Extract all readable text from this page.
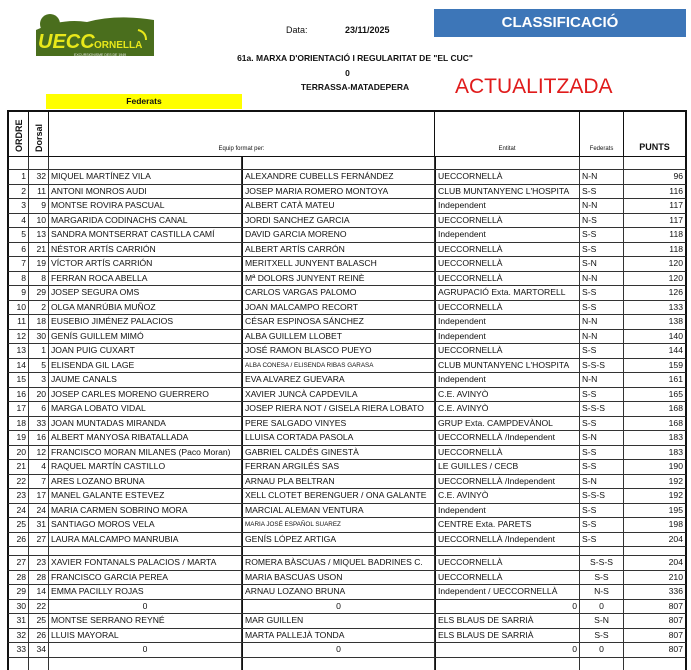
UECC ORNELLA
EXCURSIONISME DES DE 1949
Data:	23/11/2025	CLASSIFICACIÓ
61a. MARXA D'ORIENTACIÓ I REGULARITAT DE "EL CUC"
0
TERRASSA-MATADEPERA	ACTUALITZADA
Federats
ORDRE Dorsal	Equip format per:	Entitat	Federats	PUNTS
1	32 MIQUEL MARTÍNEZ VILA	ALEXANDRE CUBELLS FERNÁNDEZ	UECCORNELLÀ	N-N	96
2	11 ANTONI MONROS AUDI	JOSEP MARIA ROMERO MONTOYA	CLUB MUNTANYENC L'HOSPITA	S-S	116
3	9 MONTSE ROVIRA PASCUAL	ALBERT CATÀ MATEU	Independent	N-N	117
4	10 MARGARIDA CODINACHS CANAL	JORDI SANCHEZ GARCIA	UECCORNELLÀ	N-S	117
5	13 SANDRA MONTSERRAT CASTILLA CAMÍ	DAVID GARCIA MORENO	Independent	S-S	118
6	21 NÉSTOR ARTÍS CARRIÓN	ALBERT ARTÍS CARRÓN	UECCORNELLÀ	S-S	118
7	19 VÍCTOR ARTÍS CARRIÓN	MERITXELL JUNYENT BALASCH	UECCORNELLÀ	S-N	120
8	8 FERRAN ROCA ABELLA	Mª DOLORS JUNYENT REINÈ	UECCORNELLÀ	N-N	120
9	29 JOSEP SEGURA OMS	CARLOS VARGAS PALOMO	AGRUPACIÓ Exta. MARTORELL	S-S	126
10	2 OLGA MANRÚBIA MUÑOZ	JOAN MALCAMPO RECORT	UECCORNELLÀ	S-S	133
11	18 EUSEBIO JIMÉNEZ PALACIOS	CÉSAR ESPINOSA SÁNCHEZ	Independent	N-N	138
12	30 GENÍS GUILLEM MIMÓ	ALBA GUILLEM LLOBET	Independent	N-N	140
13	1 JOAN PUIG CUXART	JOSÉ RAMON BLASCO PUEYO	UECCORNELLÀ	S-S	144
14	5 ELISENDA GIL LAGE	ALBA CONESA / ELISENDA RIBAS GARASA	CLUB MUNTANYENC L'HOSPITA	S-S-S	159
15	3 JAUME CANALS	EVA ALVAREZ GUEVARA	Independent	N-N	161
16	20 JOSEP CARLES MORENO GUERRERO	XAVIER JUNCÀ CAPDEVILA	C.E. AVINYÒ	S-S	165
17	6 MARGA LOBATO VIDAL	JOSEP RIERA NOT / GISELA RIERA LOBATO	C.E. AVINYÒ	S-S-S	168
18	33 JOAN MUNTADAS MIRANDA	PERE SALGADO VINYES	GRUP Exta. CAMPDEVÀNOL	S-S	168
19	16 ALBERT MANYOSA RIBATALLADA	LLUISA CORTADA PASOLA	UECCORNELLÀ /Independent	S-N	183
20	12 FRANCISCO MORAN MILANES (Paco Moran)	GABRIEL CALDÉS GINESTÀ	UECCORNELLÀ	S-S	183
21	4 RAQUEL MARTÍN CASTILLO	FERRAN ARGILÉS SAS	LE GUILLES / CECB	S-S	190
22	7 ARES LOZANO BRUNA	ARNAU PLA BELTRAN	UECCORNELLÀ /Independent	S-N	192
23	17 MANEL GALANTE ESTEVEZ	XELL CLOTET BERENGUER / ONA GALANTE	C.E. AVINYÒ	S-S-S	192
24	24 MARIA CARMEN SOBRINO MORA	MARCIAL ALEMAN VENTURA	Independent	S-S	195
25	31 SANTIAGO MOROS VELA	MARIA JOSÉ ESPAÑOL SUAREZ	CENTRE Exta. PARETS	S-S	198
26	27 LAURA MALCAMPO MANRUBIA	GENÍS LÓPEZ ARTIGA	UECCORNELLÀ /Independent	S-S	204
27	23 XAVIER FONTANALS PALACIOS / MARTA	ROMERA BÀSCUAS / MIQUEL BADRINES C.	UECCORNELLÀ	S-S-S	204
28	28 FRANCISCO GARCIA PEREA	MARIA BASCUAS USON	UECCORNELLÀ	S-S	210
29	14 EMMA PACILLY ROJAS	ARNAU LOZANO BRUNA	Independent / UECCORNELLÀ	N-S	336
30	22	0	0	0	0	807
31	25 MONTSE SERRANO REYNÉ	MAR GUILLEN	ELS BLAUS DE SARRIÀ	S-N	807
32	26 LLUIS MAYORAL	MARTA PALLEJÀ TONDA	ELS BLAUS DE SARRIÀ	S-S	807
33	34	0	0	0	0	807
